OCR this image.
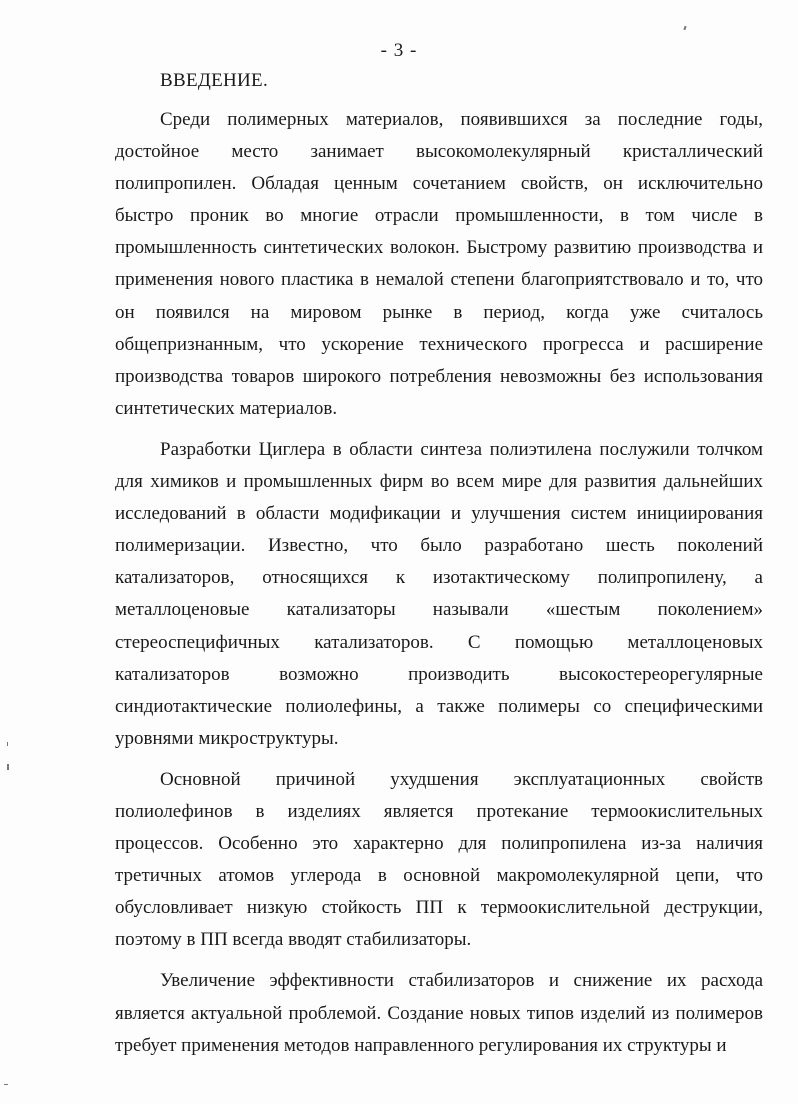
- 3 -
ВВЕДЕНИЕ.

Среди полимерных материалов, появившихся за последние годы, достойное место занимает высокомолекулярный кристаллический полипропилен. Обладая ценным сочетанием свойств, он исключительно быстро проник во многие отрасли промышленности, в том числе в промышленность синтетических волокон. Быстрому развитию производства и применения нового пластика в немалой степени благоприятствовало и то, что он появился на мировом рынке в период, когда уже считалось общепризнанным, что ускорение технического прогресса и расширение производства товаров широкого потребления невозможны без использования синтетических материалов.

Разработки Циглера в области синтеза полиэтилена послужили толчком для химиков и промышленных фирм во всем мире для развития дальнейших исследований в области модификации и улучшения систем инициирования полимеризации. Известно, что было разработано шесть поколений катализаторов, относящихся к изотактическому полипропилену, а металлоценовые катализаторы называли «шестым поколением» стереоспецифичных катализаторов. С помощью металлоценовых катализаторов возможно производить высокостереорегулярные синдиотактические полиолефины, а также полимеры со специфическими уровнями микроструктуры.

Основной причиной ухудшения эксплуатационных свойств полиолефинов в изделиях является протекание термоокислительных процессов. Особенно это характерно для полипропилена из-за наличия третичных атомов углерода в основной макромолекулярной цепи, что обусловливает низкую стойкость ПП к термоокислительной деструкции, поэтому в ПП всегда вводят стабилизаторы.

Увеличение эффективности стабилизаторов и снижение их расхода является актуальной проблемой. Создание новых типов изделий из полимеров требует применения методов направленного регулирования их структуры и
